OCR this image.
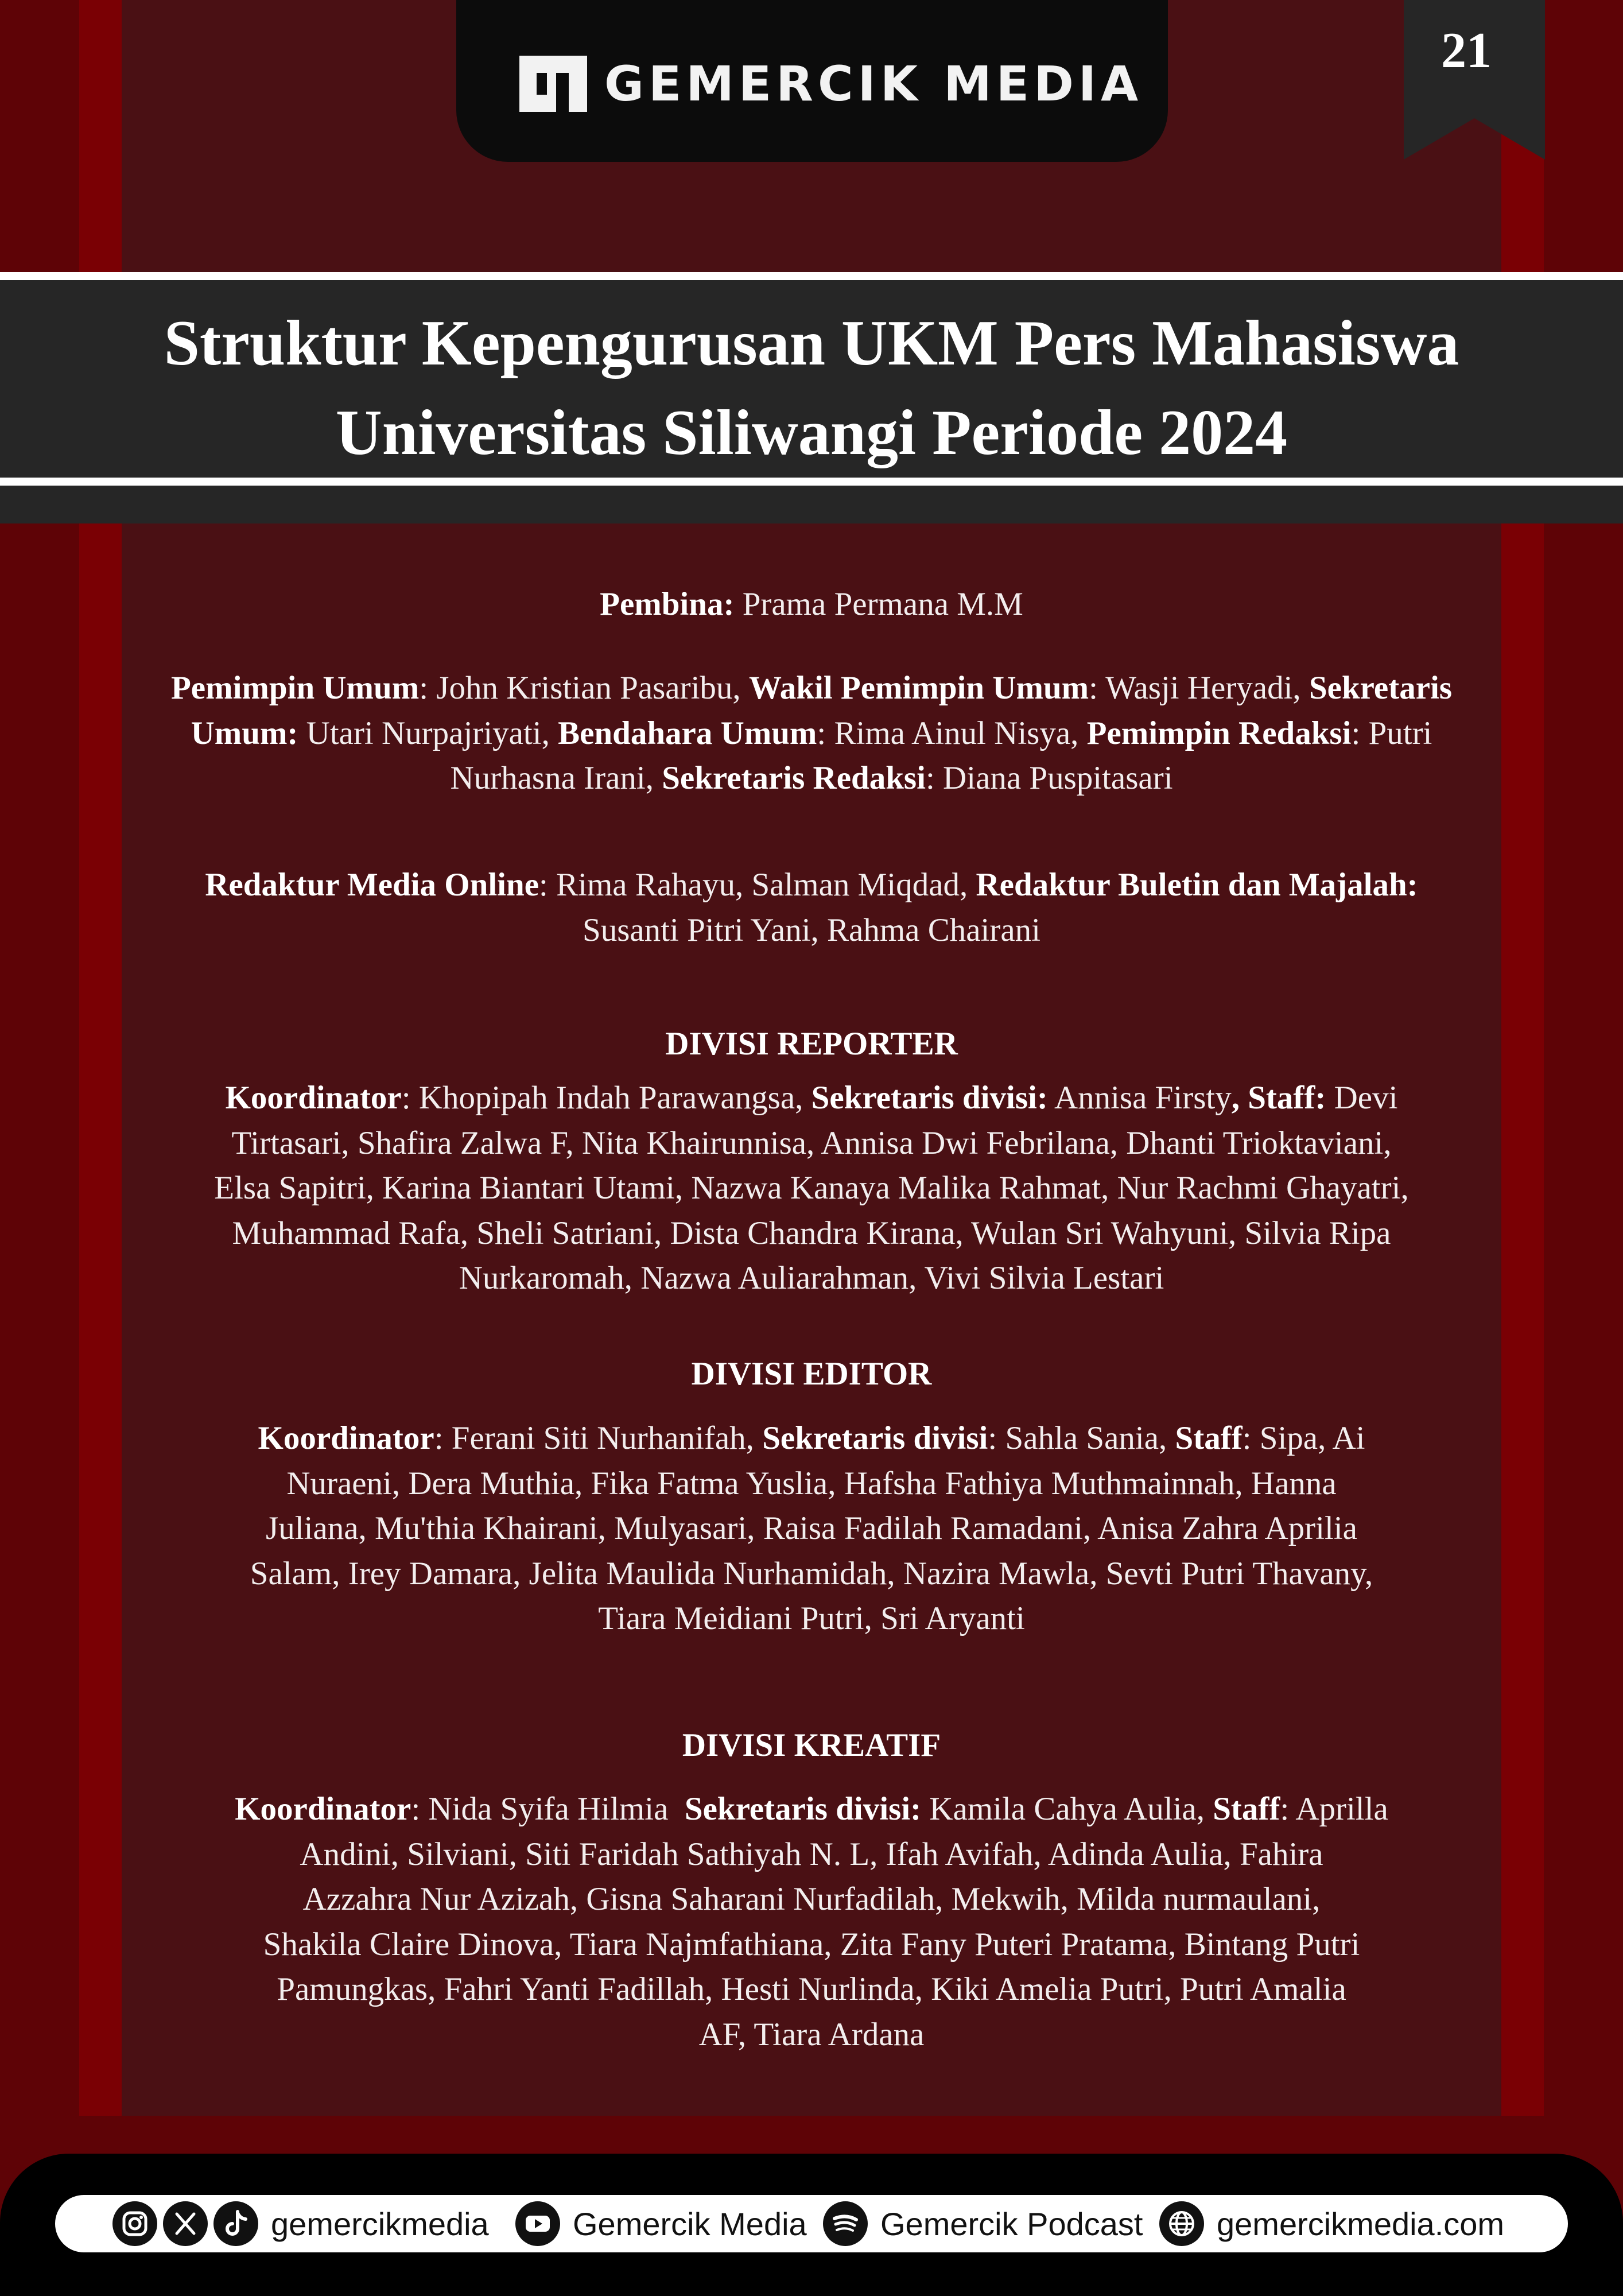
GEMERCIK MEDIA
21
Struktur Kepengurusan UKM Pers Mahasiswa
Universitas Siliwangi Periode 2024

Pembina: Prama Permana M.M

Pemimpin Umum: John Kristian Pasaribu, Wakil Pemimpin Umum: Wasji Heryadi, Sekretaris
Umum: Utari Nurpajriyati, Bendahara Umum: Rima Ainul Nisya, Pemimpin Redaksi: Putri
Nurhasna Irani, Sekretaris Redaksi: Diana Puspitasari
Redaktur Media Online: Rima Rahayu, Salman Miqdad, Redaktur Buletin dan Majalah:
Susanti Pitri Yani, Rahma Chairani

DIVISI REPORTER

Koordinator: Khopipah Indah Parawangsa, Sekretaris divisi: Annisa Firsty, Staff: Devi
Tirtasari, Shafira Zalwa F, Nita Khairunnisa, Annisa Dwi Febrilana, Dhanti Trioktaviani,
Elsa Sapitri, Karina Biantari Utami, Nazwa Kanaya Malika Rahmat, Nur Rachmi Ghayatri,
Muhammad Rafa, Sheli Satriani, Dista Chandra Kirana, Wulan Sri Wahyuni, Silvia Ripa
Nurkaromah, Nazwa Auliarahman, Vivi Silvia Lestari

DIVISI EDITOR

Koordinator: Ferani Siti Nurhanifah, Sekretaris divisi: Sahla Sania, Staff: Sipa, Ai
Nuraeni, Dera Muthia, Fika Fatma Yuslia, Hafsha Fathiya Muthmainnah, Hanna
Juliana, Mu'thia Khairani, Mulyasari, Raisa Fadilah Ramadani, Anisa Zahra Aprilia
Salam, Irey Damara, Jelita Maulida Nurhamidah, Nazira Mawla, Sevti Putri Thavany,
Tiara Meidiani Putri, Sri Aryanti

DIVISI KREATIF

Koordinator: Nida Syifa Hilmia  Sekretaris divisi: Kamila Cahya Aulia, Staff: Aprilla
Andini, Silviani, Siti Faridah Sathiyah N. L, Ifah Avifah, Adinda Aulia, Fahira
Azzahra Nur Azizah, Gisna Saharani Nurfadilah, Mekwih, Milda nurmaulani,
Shakila Claire Dinova, Tiara Najmfathiana, Zita Fany Puteri Pratama, Bintang Putri
Pamungkas, Fahri Yanti Fadillah, Hesti Nurlinda, Kiki Amelia Putri, Putri Amalia
AF, Tiara Ardana
gemercikmedia	Gemercik Media Gemercik Podcast gemercikmedia.com
